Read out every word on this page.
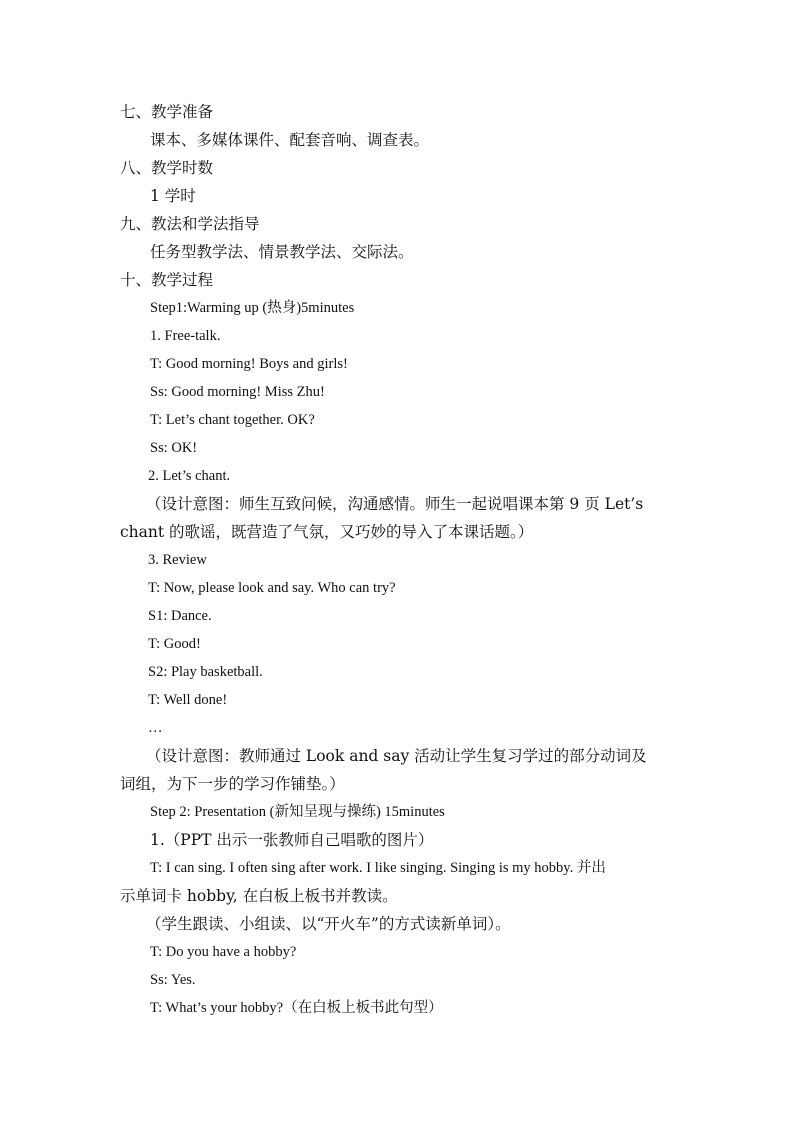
七、教学准备
课本、多媒体课件、配套音响、调查表。
八、教学时数
1 学时
九、教法和学法指导
任务型教学法、情景教学法、交际法。
十、教学过程
Step1:Warming up (热身)5minutes
1. Free-talk.
T: Good morning! Boys and girls!
Ss: Good morning! Miss Zhu!
T: Let’s chant together. OK?
Ss: OK!
2. Let’s chant.
（设计意图：师生互致问候，沟通感情。师生一起说唱课本第 9 页 Let’s
chant 的歌谣，既营造了气氛，又巧妙的导入了本课话题。）
3. Review
T: Now, please look and say. Who can try?
S1: Dance.
T: Good!
S2: Play basketball.
T: Well done!
…
（设计意图：教师通过 Look and say 活动让学生复习学过的部分动词及
词组，为下一步的学习作铺垫。）
Step 2: Presentation (新知呈现与操练) 15minutes
1.（PPT 出示一张教师自己唱歌的图片）
T: I can sing. I often sing after work. I like singing. Singing is my hobby. 并出
示单词卡 hobby, 在白板上板书并教读。
（学生跟读、小组读、以“开火车”的方式读新单词）。
T: Do you have a hobby?
Ss: Yes.
T: What’s your hobby?（在白板上板书此句型）
